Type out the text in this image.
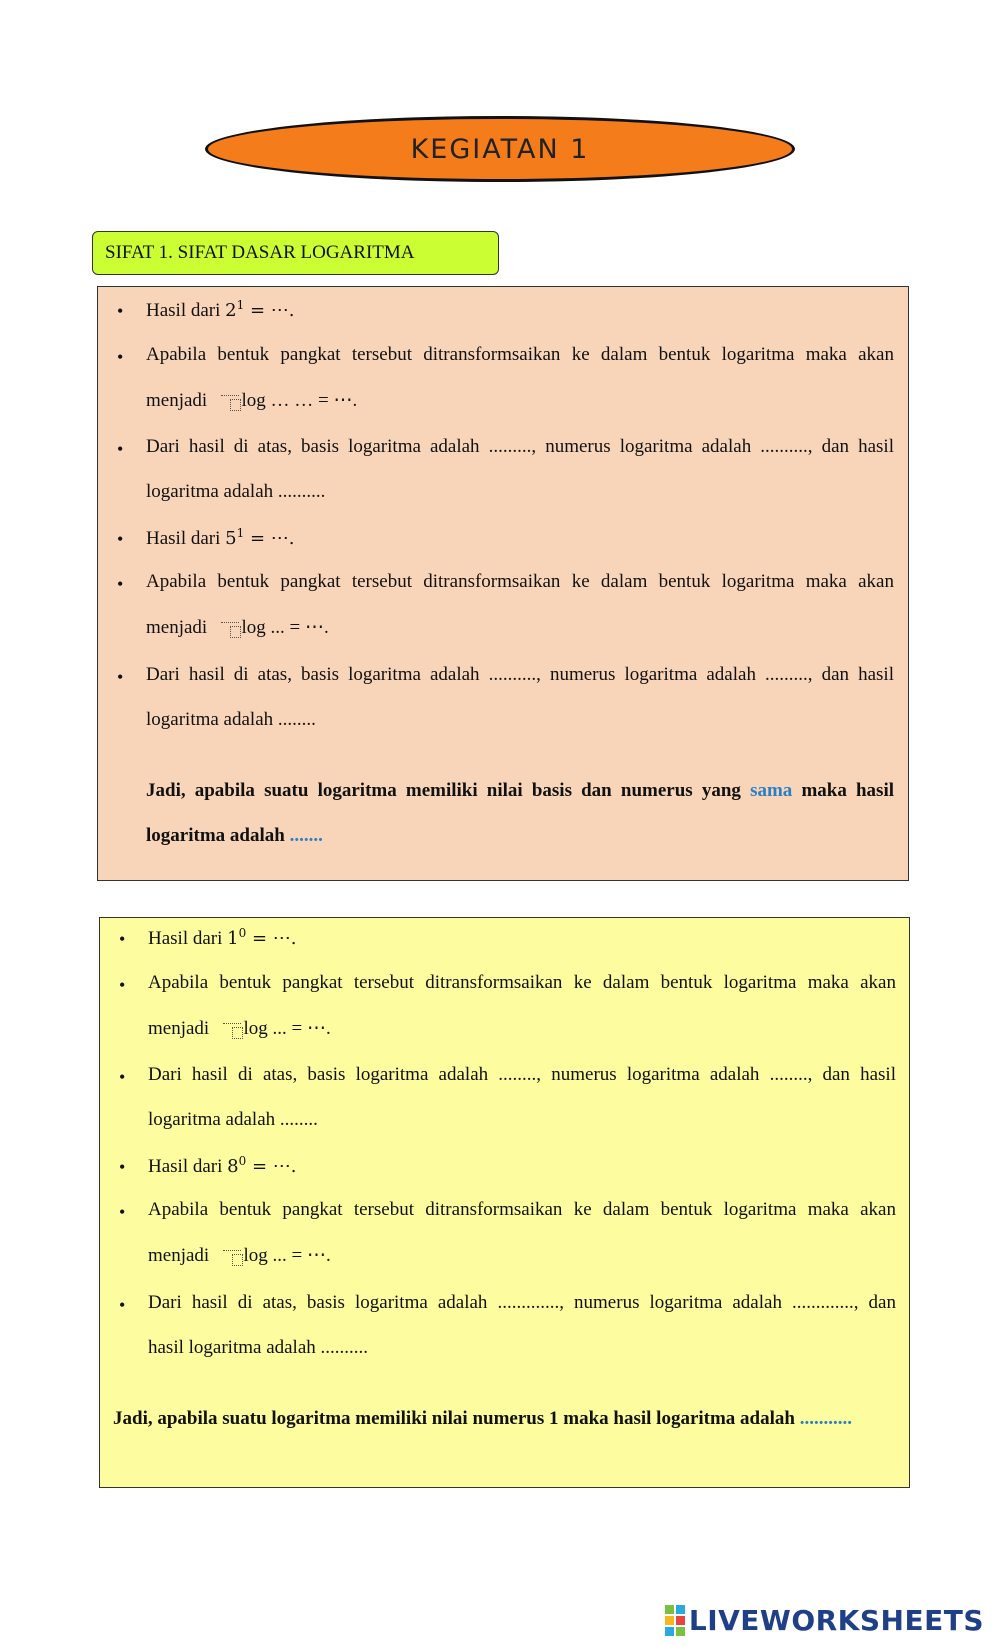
KEGIATAN 1
SIFAT 1. SIFAT DASAR LOGARITMA
• Hasil dari $2^1$ = ⋯.
• Apabila bentuk pangkat tersebut ditransformsaikan ke dalam bentuk logaritma maka akan
menjadi   log … … = ⋯.
• Dari hasil di atas, basis logaritma adalah ........., numerus logaritma adalah .........., dan hasil
logaritma adalah ..........
• Hasil dari $5^1$ = ⋯.
• Apabila bentuk pangkat tersebut ditransformsaikan ke dalam bentuk logaritma maka akan
menjadi   log ... = ⋯.
• Dari hasil di atas, basis logaritma adalah .........., numerus logaritma adalah ........., dan hasil
logaritma adalah ........
Jadi, apabila suatu logaritma memiliki nilai basis dan numerus yang sama maka hasil
logaritma adalah .......
• Hasil dari $1^0$ = ⋯.
• Apabila bentuk pangkat tersebut ditransformsaikan ke dalam bentuk logaritma maka akan
menjadi   log ... = ⋯.
• Dari hasil di atas, basis logaritma adalah ........, numerus logaritma adalah ........, dan hasil
logaritma adalah ........
• Hasil dari $8^0$ = ⋯.
• Apabila bentuk pangkat tersebut ditransformsaikan ke dalam bentuk logaritma maka akan
menjadi   log ... = ⋯.
• Dari hasil di atas, basis logaritma adalah ............., numerus logaritma adalah ............., dan
hasil logaritma adalah ..........
Jadi, apabila suatu logaritma memiliki nilai numerus 1 maka hasil logaritma adalah ...........
LIVEWORKSHEETS
